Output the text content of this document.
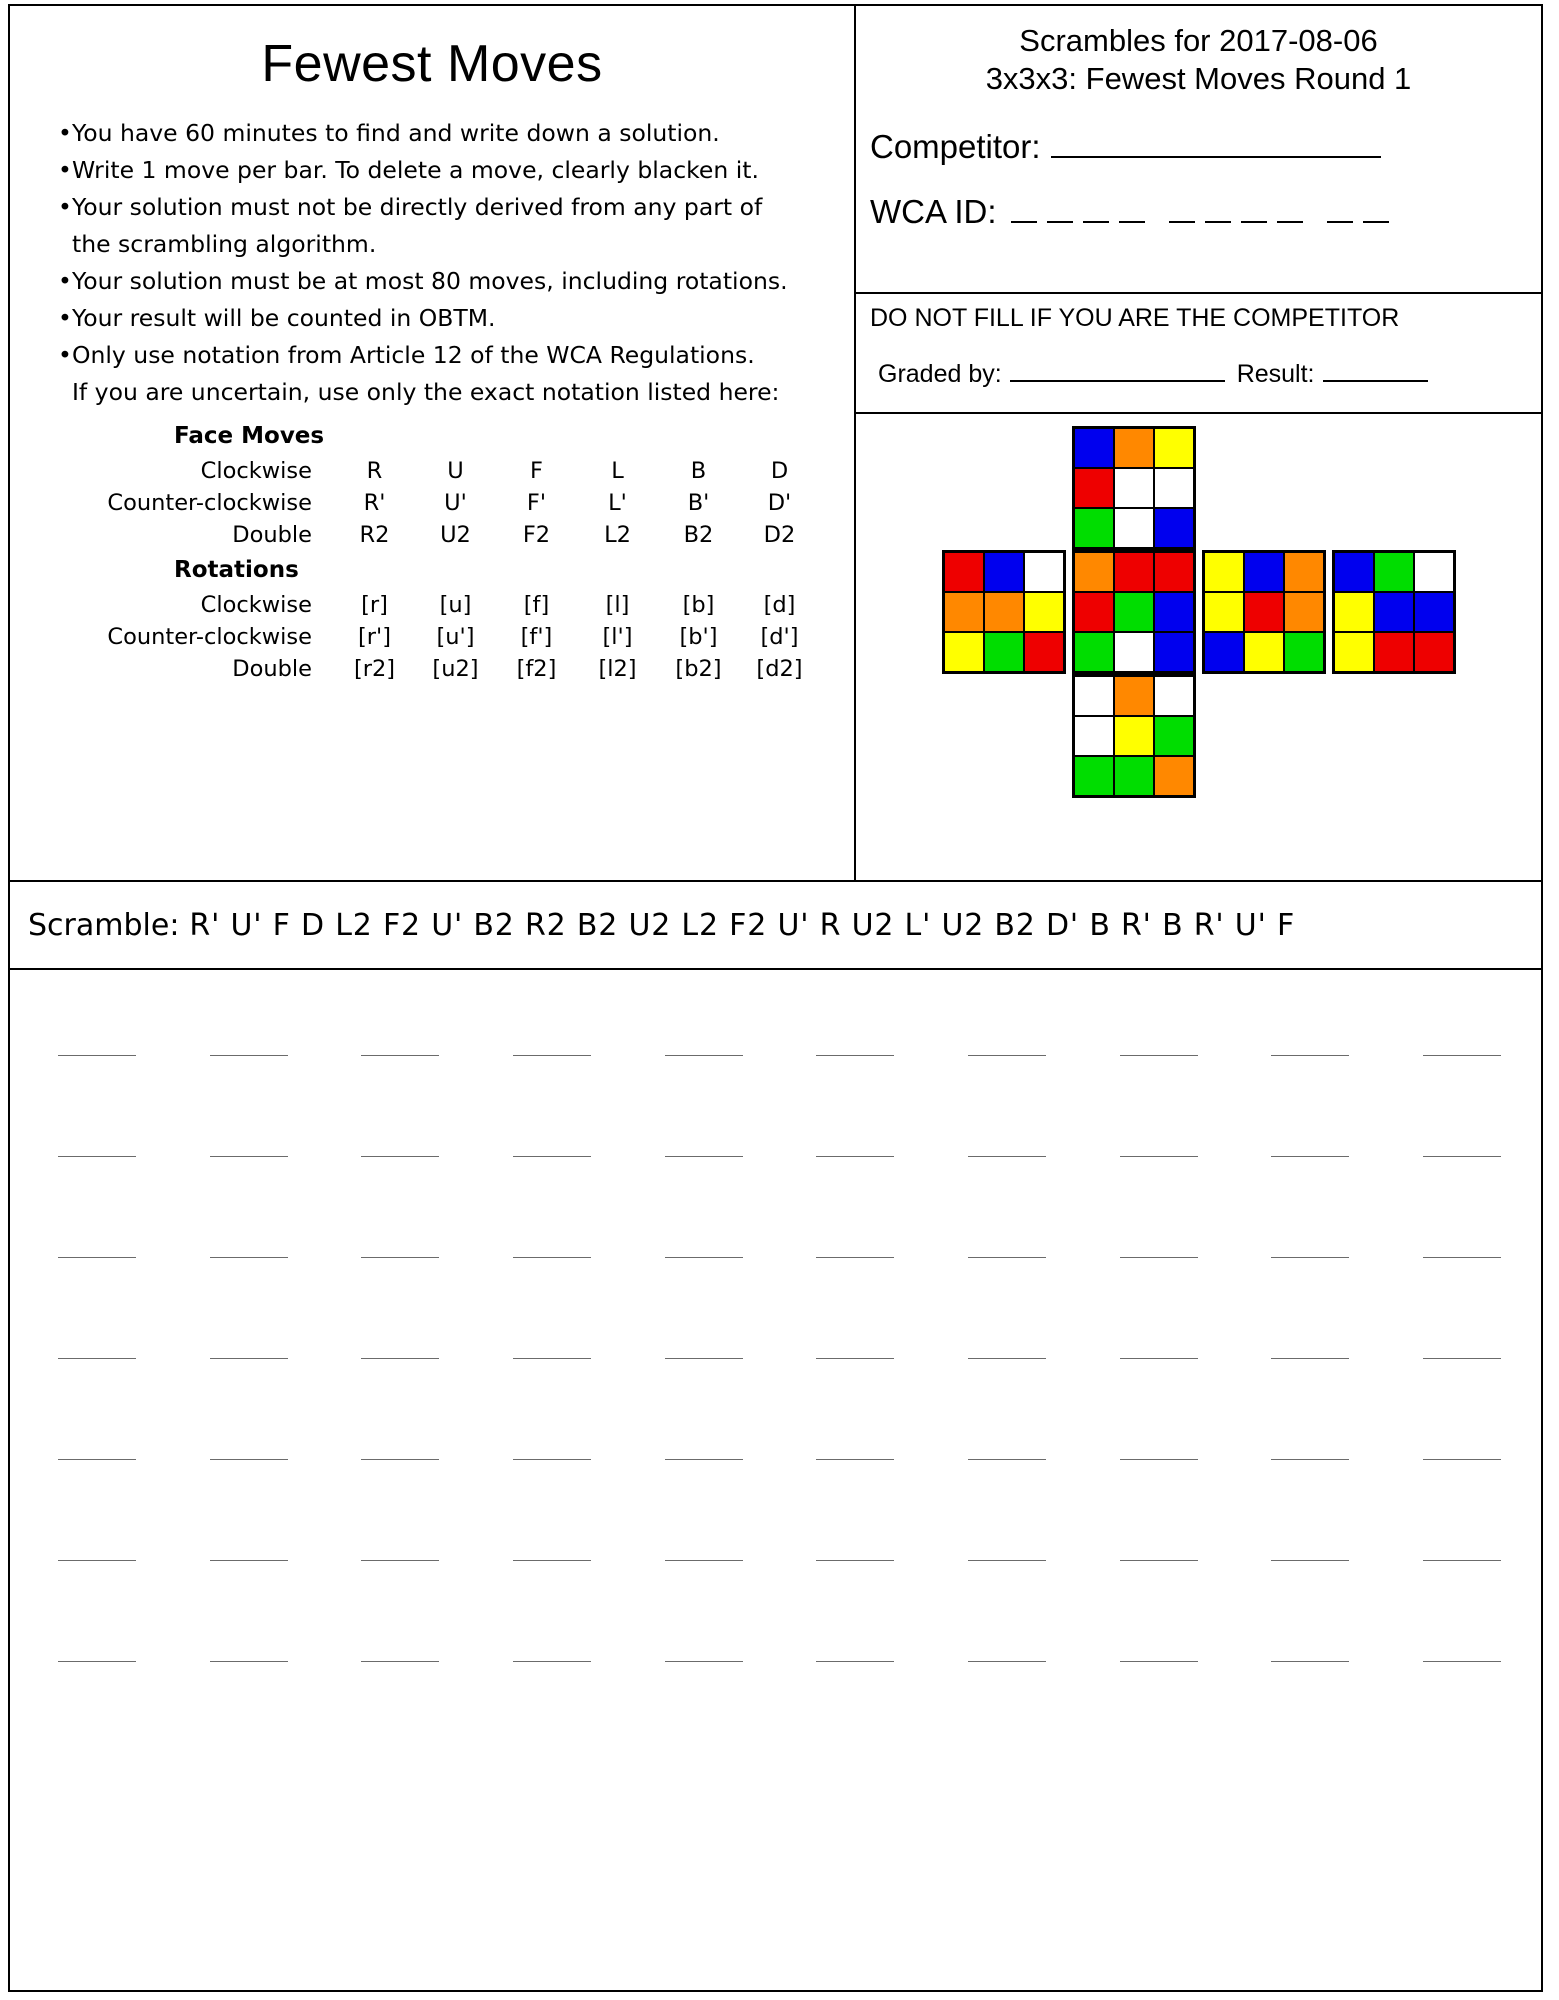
Fewest Moves
• You have 60 minutes to find and write down a solution.
• Write 1 move per bar. To delete a move, clearly blacken it.
• Your solution must not be directly derived from any part of
the scrambling algorithm.
• Your solution must be at most 80 moves, including rotations.
• Your result will be counted in OBTM.
• Only use notation from Article 12 of the WCA Regulations.
If you are uncertain, use only the exact notation listed here:
Face Moves
Clockwise	R	U	F	L	B	D
Counter-clockwise	R'	U'	F'	L'	B'	D'
Double	R2	U2	F2	L2	B2	D2
Rotations
Clockwise	[r]	[u]	[f]	[l]	[b]	[d]
Counter-clockwise	[r']	[u']	[f']	[l']	[b']	[d']
Double	[r2]	[u2]	[f2]	[l2]	[b2]	[d2]
Scrambles for 2017-08-06
3x3x3: Fewest Moves Round 1
Competitor:
WCA ID:
DO NOT FILL IF YOU ARE THE COMPETITOR
Graded by:	Result:
Scramble: R' U' F D L2 F2 U' B2 R2 B2 U2 L2 F2 U' R U2 L' U2 B2 D' B R' B R' U' F
